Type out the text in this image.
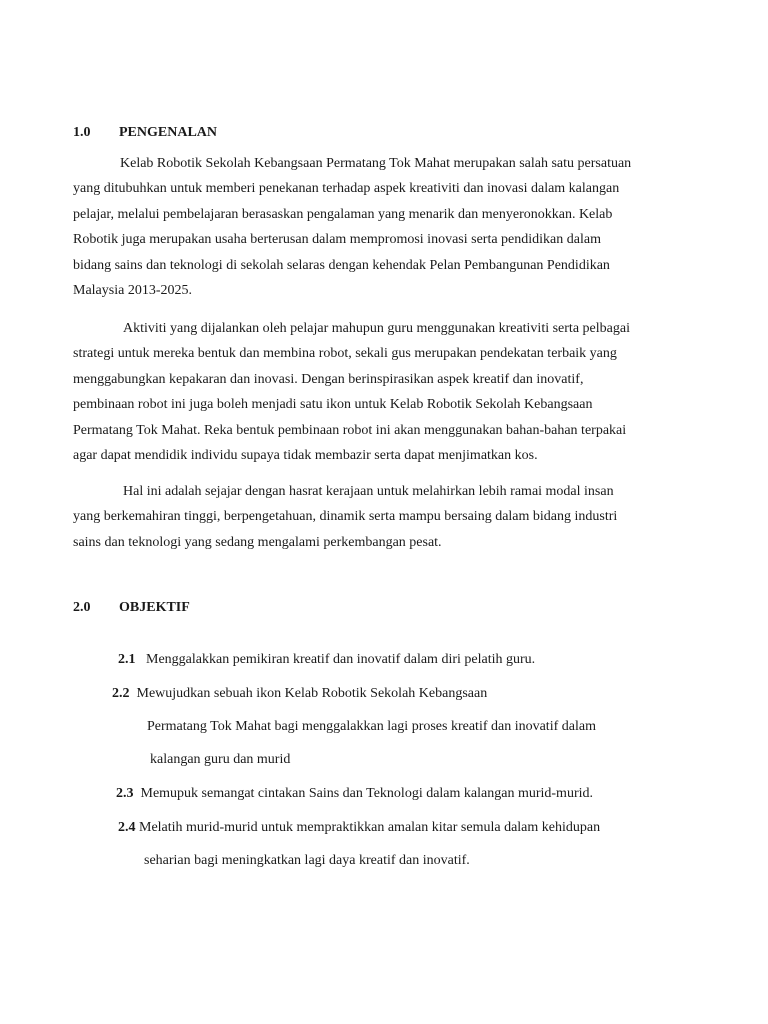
1.0 PENGENALAN
Kelab Robotik Sekolah Kebangsaan Permatang Tok Mahat merupakan salah satu persatuan
yang ditubuhkan untuk memberi penekanan terhadap aspek kreativiti dan inovasi dalam kalangan
pelajar, melalui pembelajaran berasaskan pengalaman yang menarik dan menyeronokkan. Kelab
Robotik juga merupakan usaha berterusan dalam mempromosi inovasi serta pendidikan dalam
bidang sains dan teknologi di sekolah selaras dengan kehendak Pelan Pembangunan Pendidikan
Malaysia 2013-2025.
Aktiviti yang dijalankan oleh pelajar mahupun guru menggunakan kreativiti serta pelbagai
strategi untuk mereka bentuk dan membina robot, sekali gus merupakan pendekatan terbaik yang
menggabungkan kepakaran dan inovasi. Dengan berinspirasikan aspek kreatif dan inovatif,
pembinaan robot ini juga boleh menjadi satu ikon untuk Kelab Robotik Sekolah Kebangsaan
Permatang Tok Mahat. Reka bentuk pembinaan robot ini akan menggunakan bahan-bahan terpakai
agar dapat mendidik individu supaya tidak membazir serta dapat menjimatkan kos.
Hal ini adalah sejajar dengan hasrat kerajaan untuk melahirkan lebih ramai modal insan
yang berkemahiran tinggi, berpengetahuan, dinamik serta mampu bersaing dalam bidang industri
sains dan teknologi yang sedang mengalami perkembangan pesat.
2.0 OBJEKTIF
2.1 Menggalakkan pemikiran kreatif dan inovatif dalam diri pelatih guru.
2.2 Mewujudkan sebuah ikon Kelab Robotik Sekolah Kebangsaan
Permatang Tok Mahat bagi menggalakkan lagi proses kreatif dan inovatif dalam
kalangan guru dan murid
2.3 Memupuk semangat cintakan Sains dan Teknologi dalam kalangan murid-murid.
2.4 Melatih murid-murid untuk mempraktikkan amalan kitar semula dalam kehidupan
seharian bagi meningkatkan lagi daya kreatif dan inovatif.
